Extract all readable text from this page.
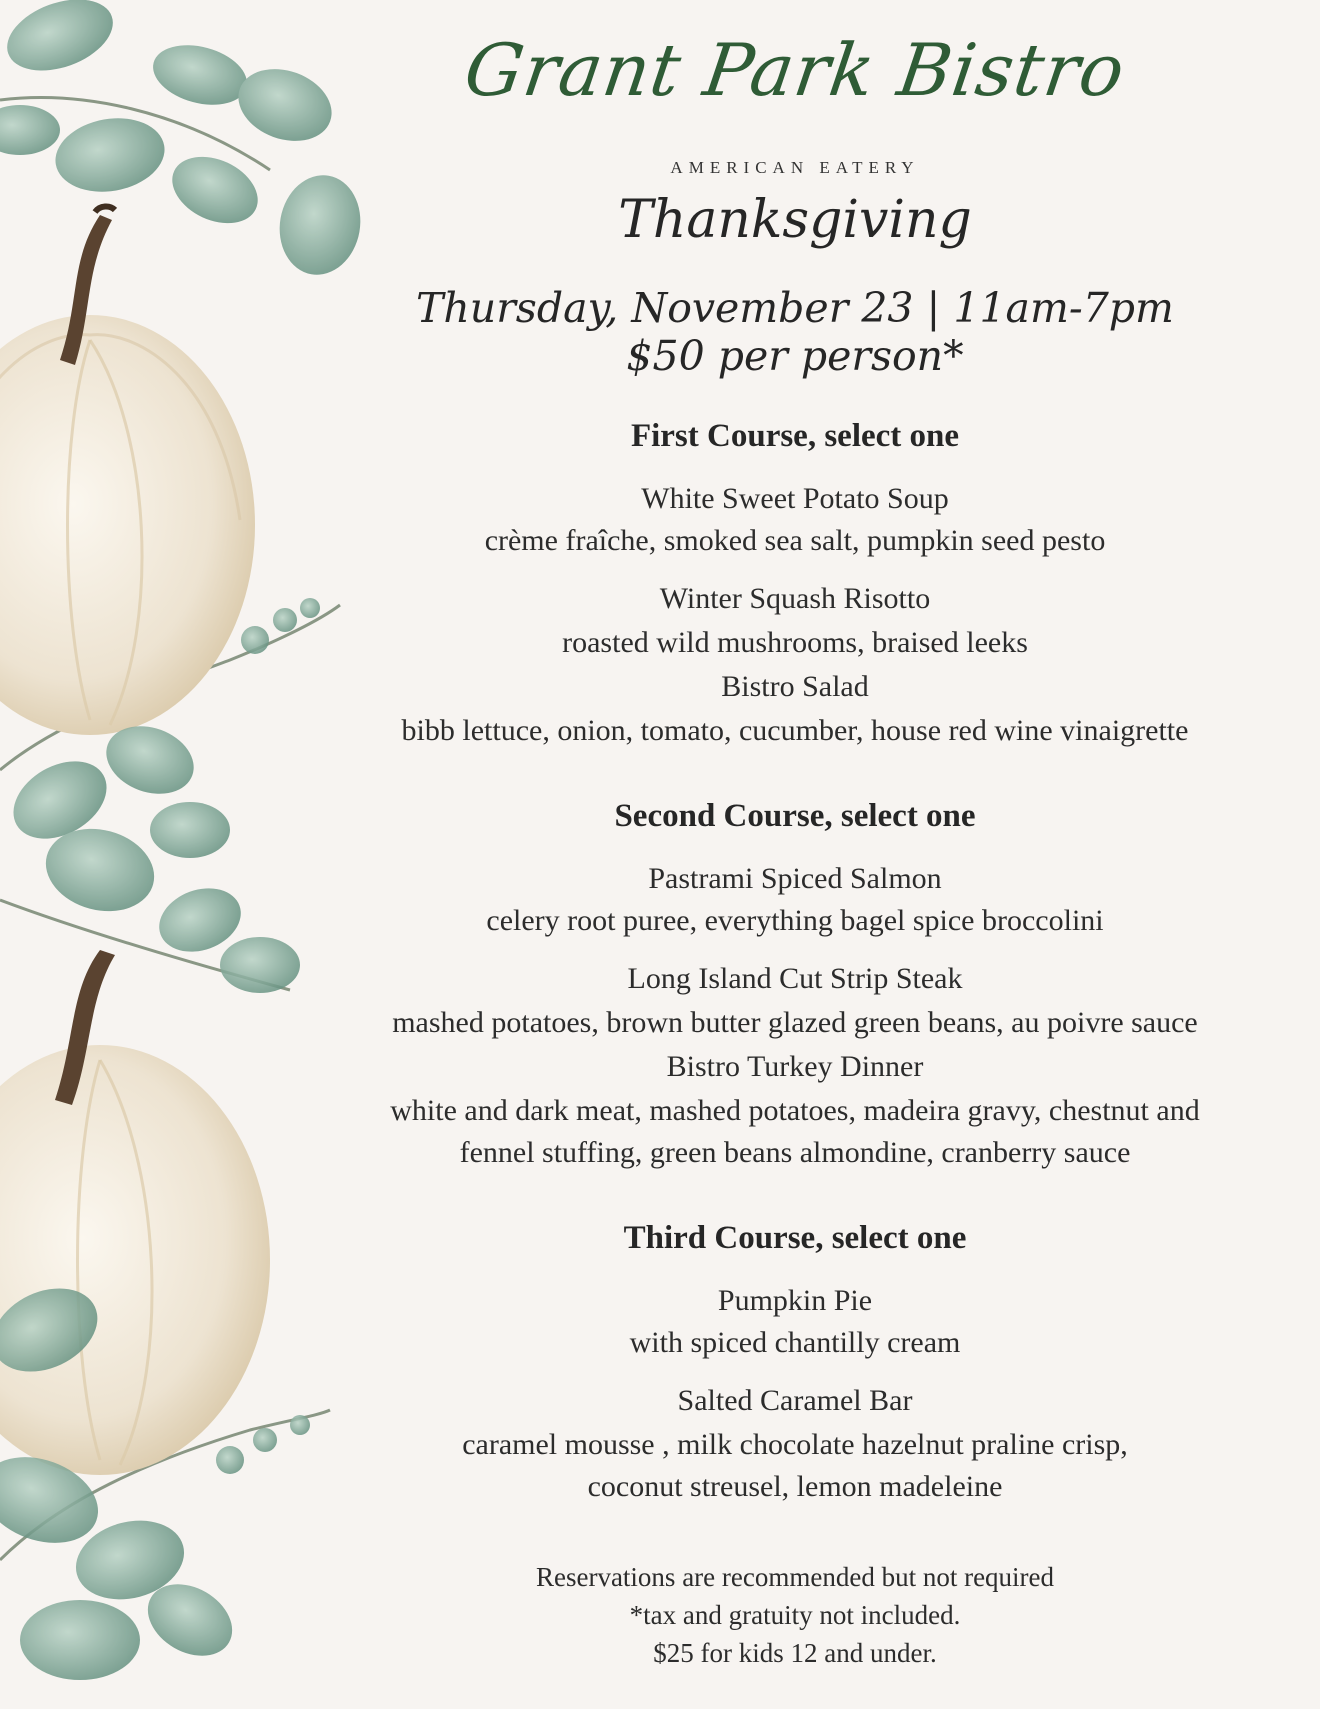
Grant Park Bistro
AMERICAN EATERY
Thanksgiving
Thursday, November 23 | 11am-7pm
$50 per person*
First Course, select one
White Sweet Potato Soup
crème fraîche, smoked sea salt, pumpkin seed pesto
Winter Squash Risotto
roasted wild mushrooms, braised leeks
Bistro Salad
bibb lettuce, onion, tomato, cucumber, house red wine vinaigrette
Second Course, select one
Pastrami Spiced Salmon
celery root puree, everything bagel spice broccolini
Long Island Cut Strip Steak
mashed potatoes, brown butter glazed green beans, au poivre sauce
Bistro Turkey Dinner
white and dark meat, mashed potatoes, madeira gravy, chestnut and
fennel stuffing, green beans almondine, cranberry sauce
Third Course, select one
Pumpkin Pie
with spiced chantilly cream
Salted Caramel Bar
caramel mousse , milk chocolate hazelnut praline crisp,
coconut streusel, lemon madeleine
Reservations are recommended but not required
*tax and gratuity not included.
$25 for kids 12 and under.
